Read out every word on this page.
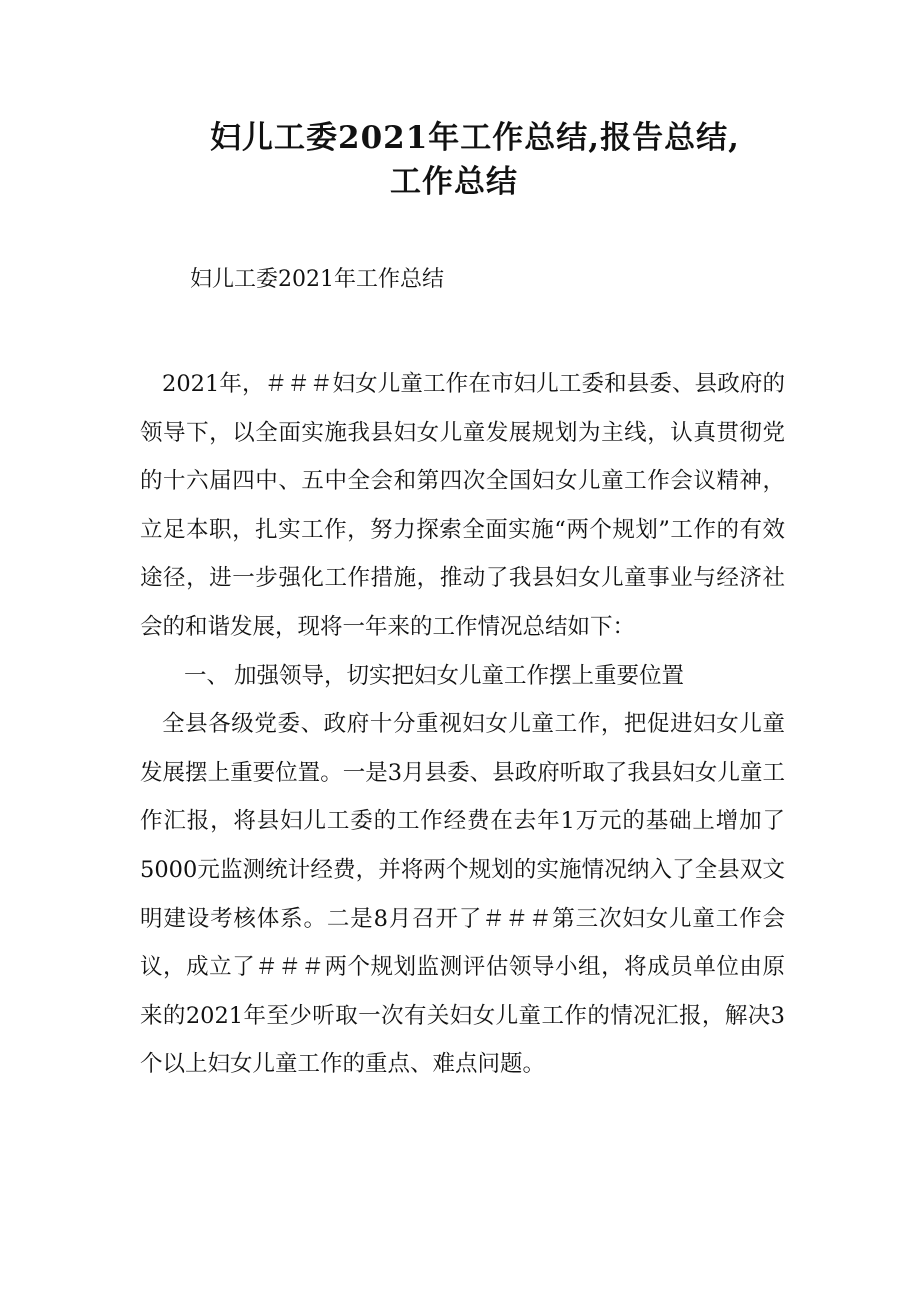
妇儿工委2021年工作总结,报告总结,
工作总结
妇儿工委2021年工作总结

2021年，＃＃＃妇女儿童工作在市妇儿工委和县委、县政府的领导下，以全面实施我县妇女儿童发展规划为主线，认真贯彻党的十六届四中、五中全会和第四次全国妇女儿童工作会议精神，立足本职，扎实工作，努力探索全面实施“两个规划”工作的有效途径，进一步强化工作措施，推动了我县妇女儿童事业与经济社会的和谐发展，现将一年来的工作情况总结如下：

一、 加强领导，切实把妇女儿童工作摆上重要位置

全县各级党委、政府十分重视妇女儿童工作，把促进妇女儿童发展摆上重要位置。一是3月县委、县政府听取了我县妇女儿童工作汇报，将县妇儿工委的工作经费在去年1万元的基础上增加了5000元监测统计经费，并将两个规划的实施情况纳入了全县双文明建设考核体系。二是8月召开了＃＃＃第三次妇女儿童工作会议，成立了＃＃＃两个规划监测评估领导小组，将成员单位由原来的2021年至少听取一次有关妇女儿童工作的情况汇报，解决3个以上妇女儿童工作的重点、难点问题。
